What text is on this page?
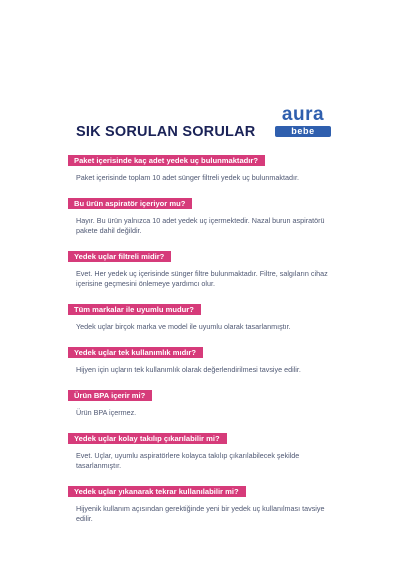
SIK SORULAN SORULAR
aura
bebe
Paket içerisinde kaç adet yedek uç bulunmaktadır?
Paket içerisinde toplam 10 adet sünger filtreli yedek uç bulunmaktadır.
Bu ürün aspiratör içeriyor mu?
Hayır. Bu ürün yalnızca 10 adet yedek uç içermektedir. Nazal burun aspiratörü pakete dahil değildir.
Yedek uçlar filtreli midir?
Evet. Her yedek uç içerisinde sünger filtre bulunmaktadır. Filtre, salgıların cihaz içerisine geçmesini önlemeye yardımcı olur.
Tüm markalar ile uyumlu mudur?
Yedek uçlar birçok marka ve model ile uyumlu olarak tasarlanmıştır.
Yedek uçlar tek kullanımlık mıdır?
Hijyen için uçların tek kullanımlık olarak değerlendirilmesi tavsiye edilir.
Ürün BPA içerir mi?
Ürün BPA içermez.
Yedek uçlar kolay takılıp çıkarılabilir mi?
Evet. Uçlar, uyumlu aspiratörlere kolayca takılıp çıkarılabilecek şekilde tasarlanmıştır.
Yedek uçlar yıkanarak tekrar kullanılabilir mi?
Hijyenik kullanım açısından gerektiğinde yeni bir yedek uç kullanılması tavsiye edilir.
